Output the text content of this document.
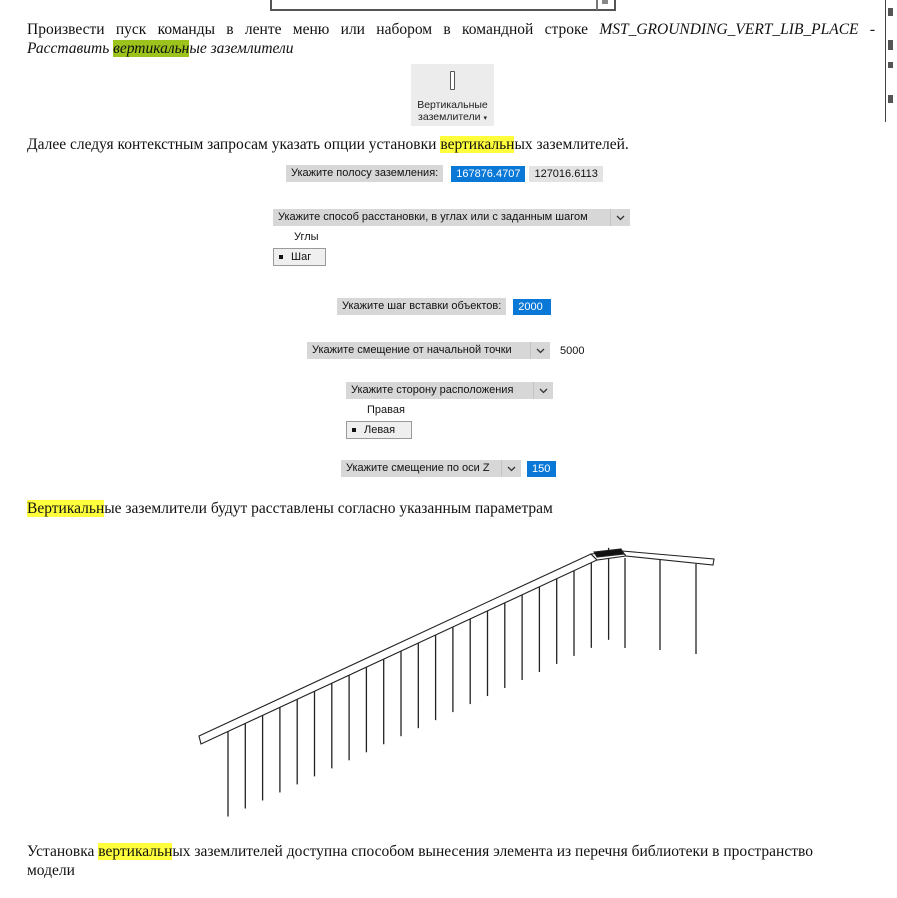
Произвести пуск команды в ленте меню или набором в командной строке MST_GROUNDING_VERT_LIB_PLACE -
Расставить вертикальные заземлители
Вертикальные
заземлители ▾
Далее следуя контекстным запросам указать опции установки вертикальных заземлителей.
Укажите полосу заземления:	167876.4707	127016.6113
Укажите способ расстановки, в углах или с заданным шагом
Углы
Шаг
Укажите шаг вставки объектов:	2000
Укажите смещение от начальной точки	5000
Укажите сторону расположения
Правая
Левая
Укажите смещение по оси Z	150
Вертикальные заземлители будут расставлены согласно указанным параметрам
Установка вертикальных заземлителей доступна способом вынесения элемента из перечня библиотеки в пространство
модели
